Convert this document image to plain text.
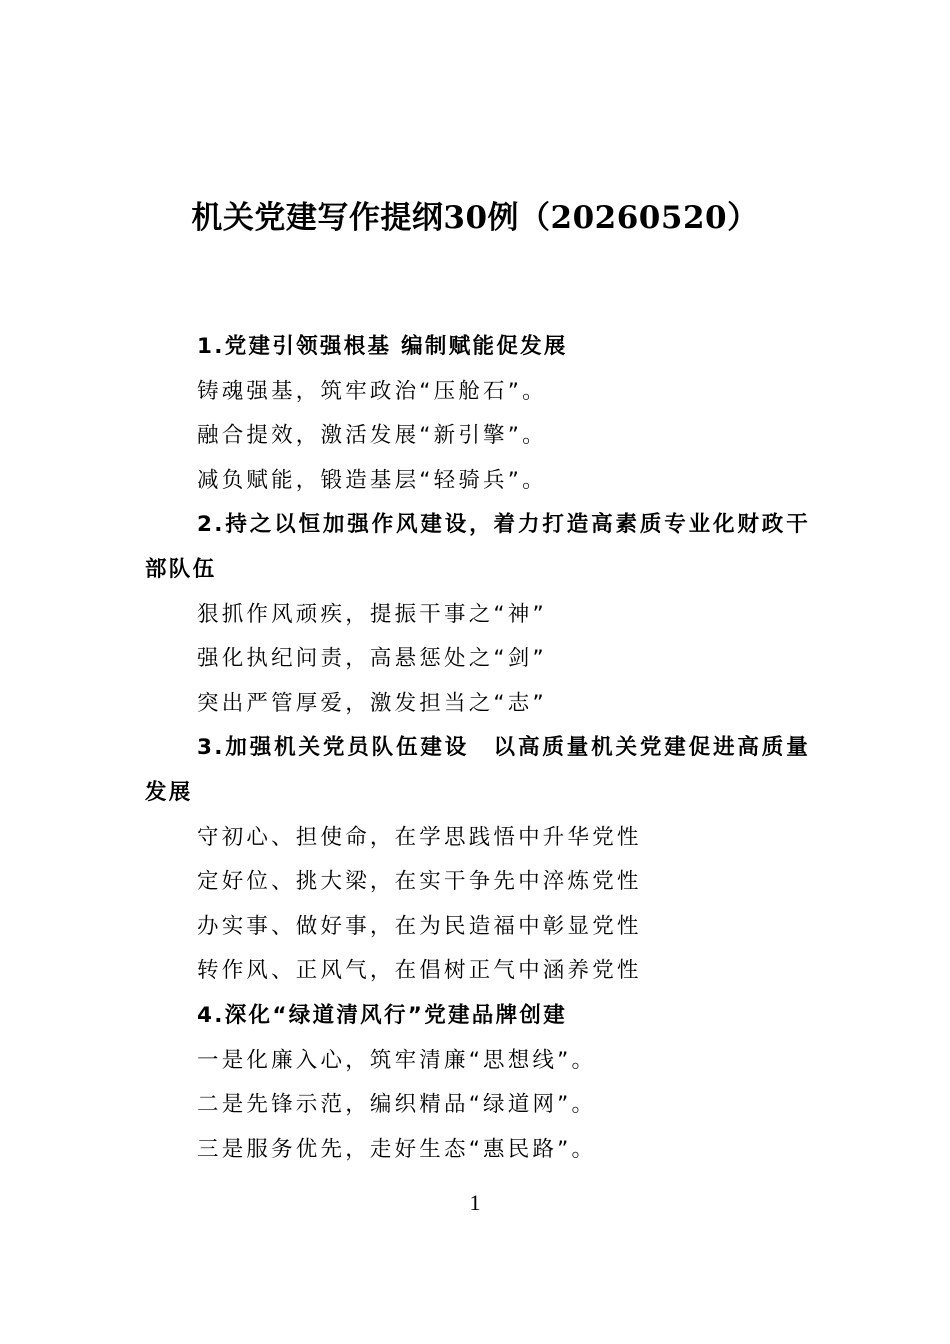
机关党建写作提纲30例（20260520）

1.党建引领强根基 编制赋能促发展

铸魂强基，筑牢政治“压舱石”。

融合提效，激活发展“新引擎”。

减负赋能，锻造基层“轻骑兵”。

2.持之以恒加强作风建设，着力打造高素质专业化财政干部队伍

狠抓作风顽疾，提振干事之“神”

强化执纪问责，高悬惩处之“剑”

突出严管厚爱，激发担当之“志”

3.加强机关党员队伍建设　以高质量机关党建促进高质量发展

守初心、担使命，在学思践悟中升华党性

定好位、挑大梁，在实干争先中淬炼党性

办实事、做好事，在为民造福中彰显党性

转作风、正风气，在倡树正气中涵养党性

4.深化“绿道清风行”党建品牌创建

一是化廉入心，筑牢清廉“思想线”。

二是先锋示范，编织精品“绿道网”。

三是服务优先，走好生态“惠民路”。

1
